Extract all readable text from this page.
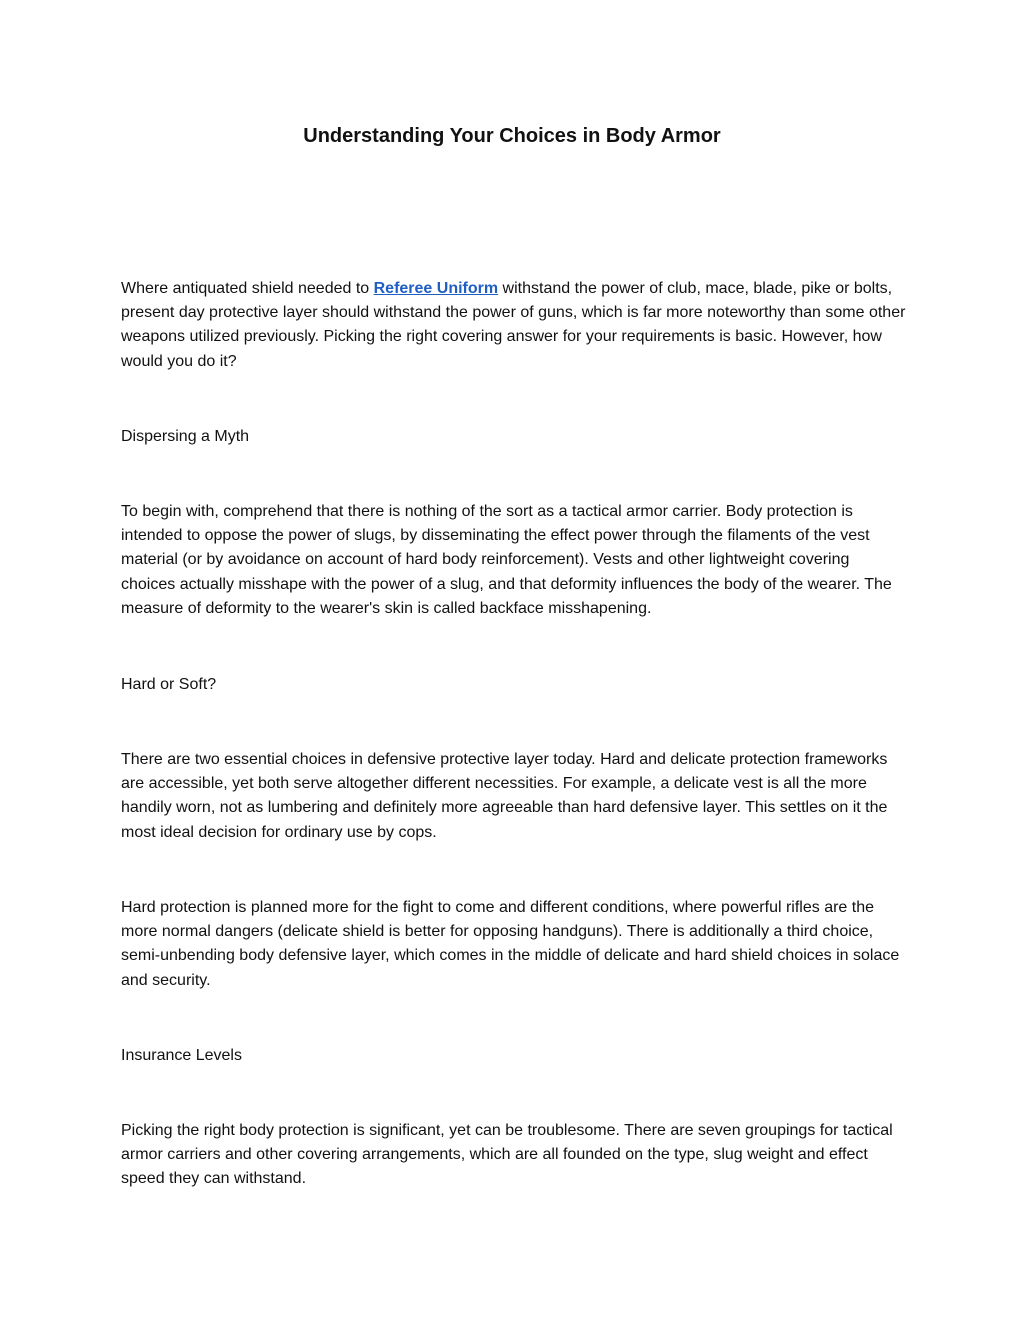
Understanding Your Choices in Body Armor

Where antiquated shield needed to Referee Uniform withstand the power of club, mace, blade, pike or bolts, present day protective layer should withstand the power of guns, which is far more noteworthy than some other weapons utilized previously. Picking the right covering answer for your requirements is basic. However, how would you do it?

Dispersing a Myth

To begin with, comprehend that there is nothing of the sort as a tactical armor carrier. Body protection is intended to oppose the power of slugs, by disseminating the effect power through the filaments of the vest material (or by avoidance on account of hard body reinforcement). Vests and other lightweight covering choices actually misshape with the power of a slug, and that deformity influences the body of the wearer. The measure of deformity to the wearer's skin is called backface misshapening.

Hard or Soft?

There are two essential choices in defensive protective layer today. Hard and delicate protection frameworks are accessible, yet both serve altogether different necessities. For example, a delicate vest is all the more handily worn, not as lumbering and definitely more agreeable than hard defensive layer. This settles on it the most ideal decision for ordinary use by cops.

Hard protection is planned more for the fight to come and different conditions, where powerful rifles are the more normal dangers (delicate shield is better for opposing handguns). There is additionally a third choice, semi-unbending body defensive layer, which comes in the middle of delicate and hard shield choices in solace and security.

Insurance Levels

Picking the right body protection is significant, yet can be troublesome. There are seven groupings for tactical armor carriers and other covering arrangements, which are all founded on the type, slug weight and effect speed they can withstand.
